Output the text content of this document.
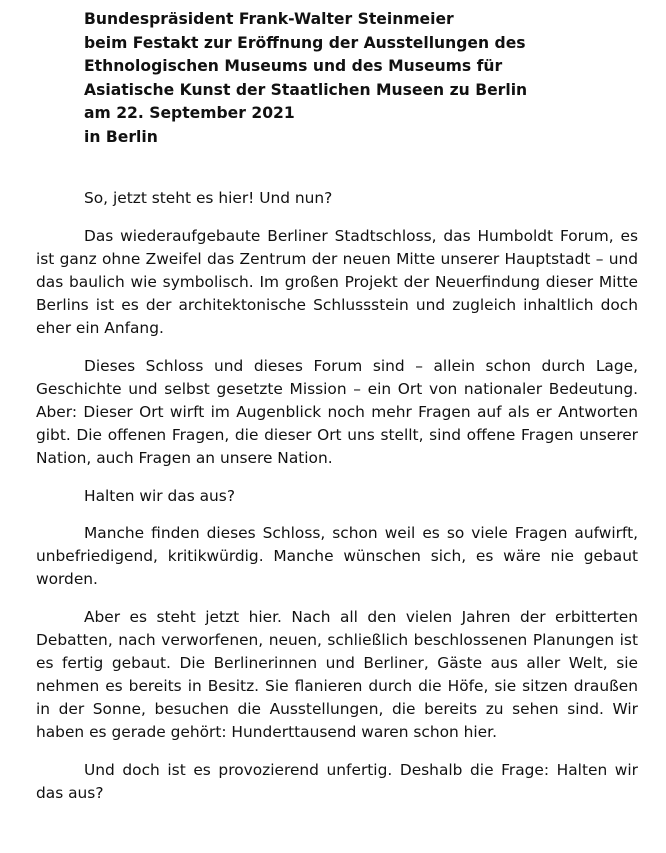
Bundespräsident Frank-Walter Steinmeier
beim Festakt zur Eröffnung der Ausstellungen des
Ethnologischen Museums und des Museums für
Asiatische Kunst der Staatlichen Museen zu Berlin
am 22. September 2021
in Berlin

So, jetzt steht es hier! Und nun?

Das wiederaufgebaute Berliner Stadtschloss, das Humboldt Forum, es ist ganz ohne Zweifel das Zentrum der neuen Mitte unserer Hauptstadt – und das baulich wie symbolisch. Im großen Projekt der Neuerfindung dieser Mitte Berlins ist es der architektonische Schlussstein und zugleich inhaltlich doch eher ein Anfang.

Dieses Schloss und dieses Forum sind – allein schon durch Lage, Geschichte und selbst gesetzte Mission – ein Ort von nationaler Bedeutung. Aber: Dieser Ort wirft im Augenblick noch mehr Fragen auf als er Antworten gibt. Die offenen Fragen, die dieser Ort uns stellt, sind offene Fragen unserer Nation, auch Fragen an unsere Nation.

Halten wir das aus?

Manche finden dieses Schloss, schon weil es so viele Fragen aufwirft, unbefriedigend, kritikwürdig. Manche wünschen sich, es wäre nie gebaut worden.

Aber es steht jetzt hier. Nach all den vielen Jahren der erbitterten Debatten, nach verworfenen, neuen, schließlich beschlossenen Planungen ist es fertig gebaut. Die Berlinerinnen und Berliner, Gäste aus aller Welt, sie nehmen es bereits in Besitz. Sie flanieren durch die Höfe, sie sitzen draußen in der Sonne, besuchen die Ausstellungen, die bereits zu sehen sind. Wir haben es gerade gehört: Hunderttausend waren schon hier.

Und doch ist es provozierend unfertig. Deshalb die Frage: Halten wir das aus?
